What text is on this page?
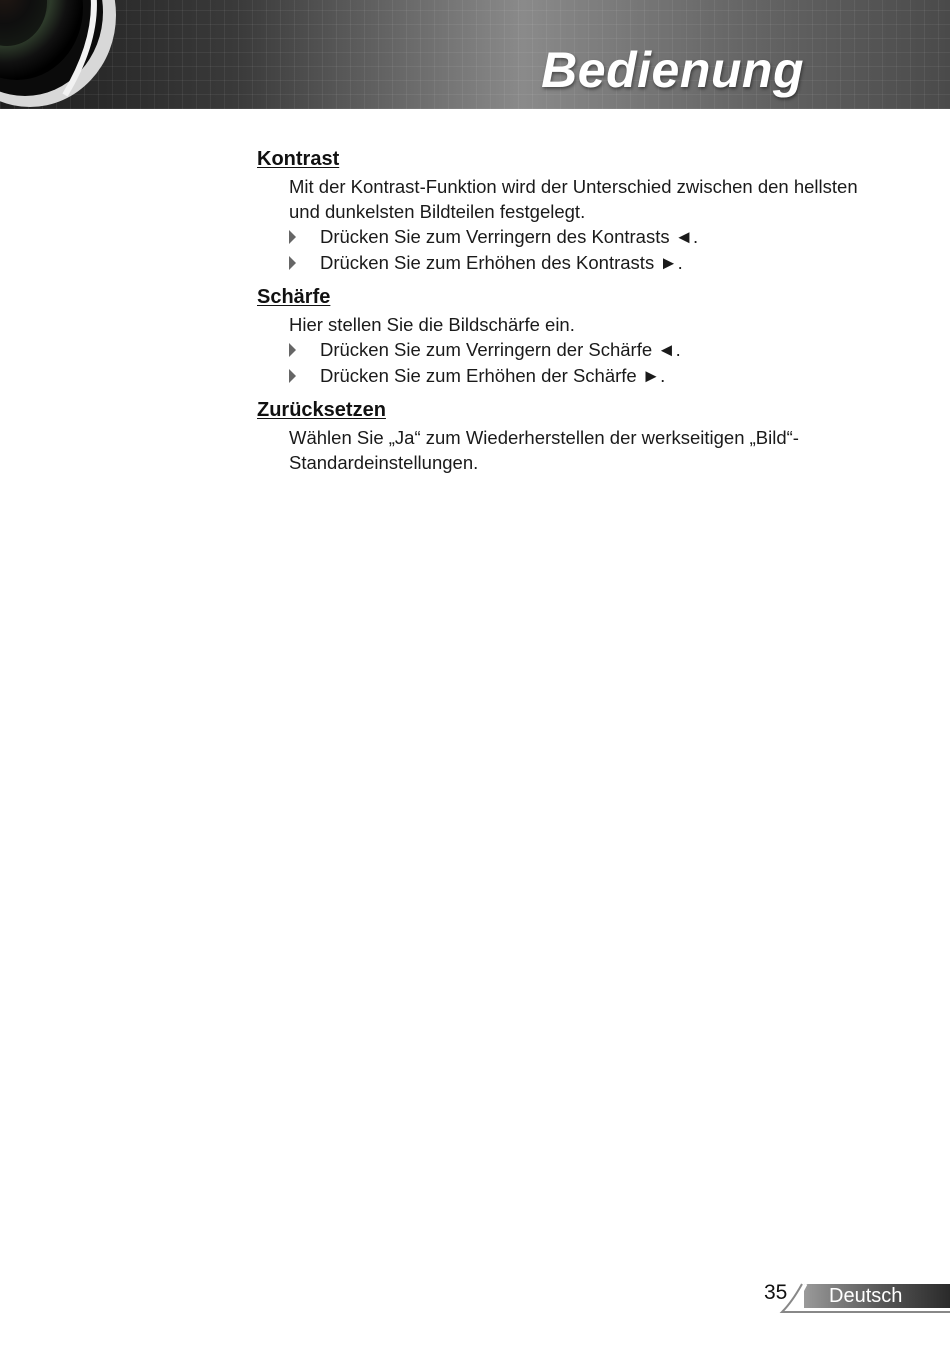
Bedienung
Kontrast

Mit der Kontrast-Funktion wird der Unterschied zwischen den hellsten und dunkelsten Bildteilen festgelegt.

Drücken Sie zum Verringern des Kontrasts ◄.
Drücken Sie zum Erhöhen des Kontrasts ►.
Schärfe

Hier stellen Sie die Bildschärfe ein.

Drücken Sie zum Verringern der Schärfe ◄.
Drücken Sie zum Erhöhen der Schärfe ►.
Zurücksetzen

Wählen Sie „Ja“ zum Wiederherstellen der werkseitigen „Bild“-Standardeinstellungen.

35 Deutsch
